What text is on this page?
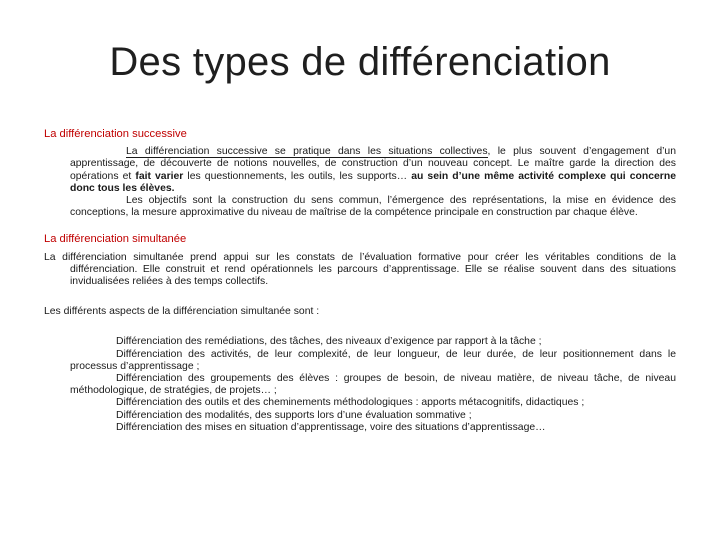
Des types de différenciation

La différenciation successive

La différenciation successive se pratique dans les situations collectives, le plus souvent d’engagement d’un apprentissage, de découverte de notions nouvelles, de construction d’un nouveau concept. Le maître garde la direction des opérations et fait varier les questionnements, les outils, les supports… au sein d’une même activité complexe qui concerne donc tous les élèves.

Les objectifs sont la construction du sens commun, l’émergence des représentations, la mise en évidence des conceptions, la mesure approximative du niveau de maîtrise de la compétence principale en construction par chaque élève.

La différenciation simultanée

La différenciation simultanée prend appui sur les constats de l’évaluation formative pour créer les véritables conditions de la différenciation. Elle construit et rend opérationnels les parcours d’apprentissage. Elle se réalise souvent dans des situations invidualisées reliées à des temps collectifs.

Les différents aspects de la différenciation simultanée sont :

Différenciation des remédiations, des tâches, des niveaux d’exigence par rapport à la tâche ;

Différenciation des activités, de leur complexité, de leur longueur, de leur durée, de leur positionnement dans le processus d’apprentissage ;

Différenciation des groupements des élèves : groupes de besoin, de niveau matière, de niveau tâche, de niveau méthodologique, de stratégies, de projets… ;

Différenciation des outils et des cheminements méthodologiques : apports métacognitifs, didactiques ;

Différenciation des modalités, des supports lors d’une évaluation sommative ;

Différenciation des mises en situation d’apprentissage, voire des situations d’apprentissage…
